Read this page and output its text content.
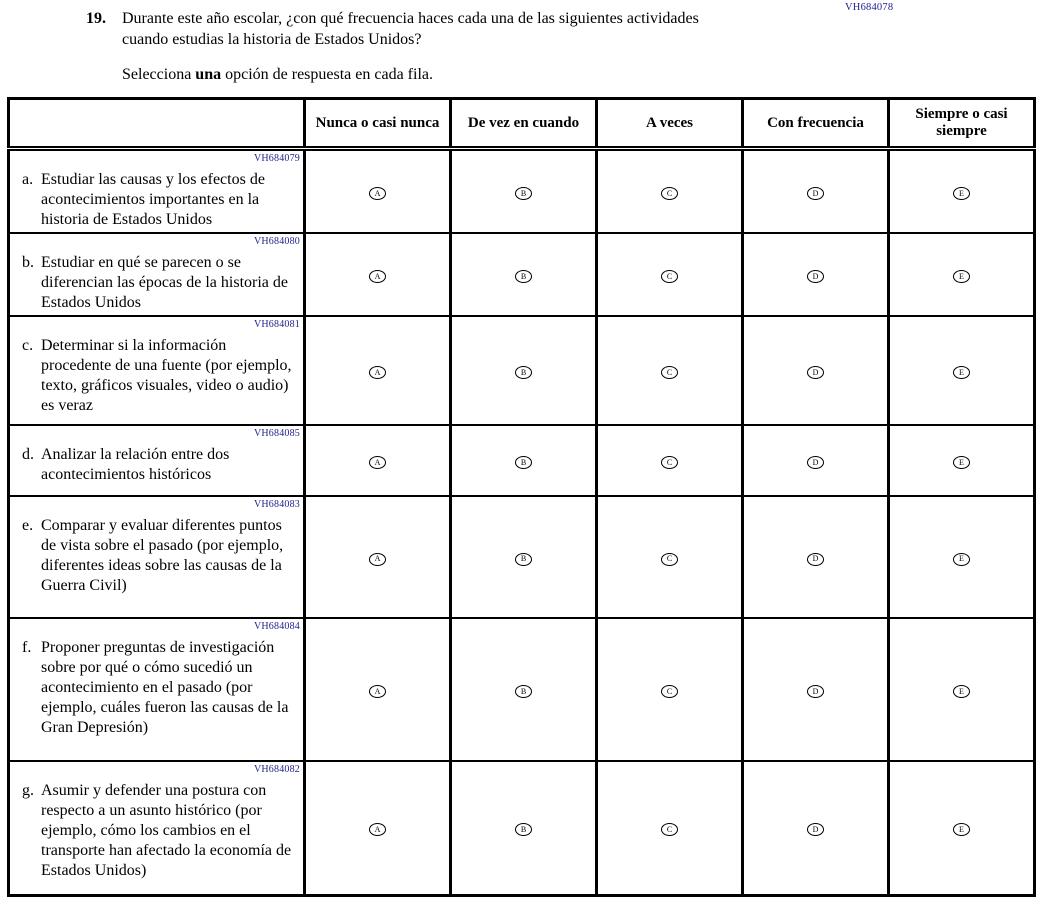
VH684078
19.	Durante este año escolar, ¿con qué frecuencia haces cada una de las siguientes actividades cuando estudias la historia de Estados Unidos?
Selecciona una opción de respuesta en cada fila.
	Nunca o casi nunca	De vez en cuando	A veces	Con frecuencia	Siempre o casi siempre

VH684079
a. Estudiar las causas y los efectos de acontecimientos importantes en la historia de Estados Unidos	A	B	C	D	E

VH684080
b. Estudiar en qué se parecen o se diferencian las épocas de la historia de Estados Unidos	A	B	C	D	E

VH684081
c. Determinar si la información procedente de una fuente (por ejemplo, texto, gráficos visuales, video o audio) es veraz	A	B	C	D	E

VH684085
d. Analizar la relación entre dos acontecimientos históricos	A	B	C	D	E

VH684083
e. Comparar y evaluar diferentes puntos de vista sobre el pasado (por ejemplo, diferentes ideas sobre las causas de la Guerra Civil)	A	B	C	D	E

VH684084
f. Proponer preguntas de investigación sobre por qué o cómo sucedió un acontecimiento en el pasado (por ejemplo, cuáles fueron las causas de la Gran Depresión)	A	B	C	D	E

VH684082
g. Asumir y defender una postura con respecto a un asunto histórico (por ejemplo, cómo los cambios en el transporte han afectado la economía de Estados Unidos)	A	B	C	D	E
